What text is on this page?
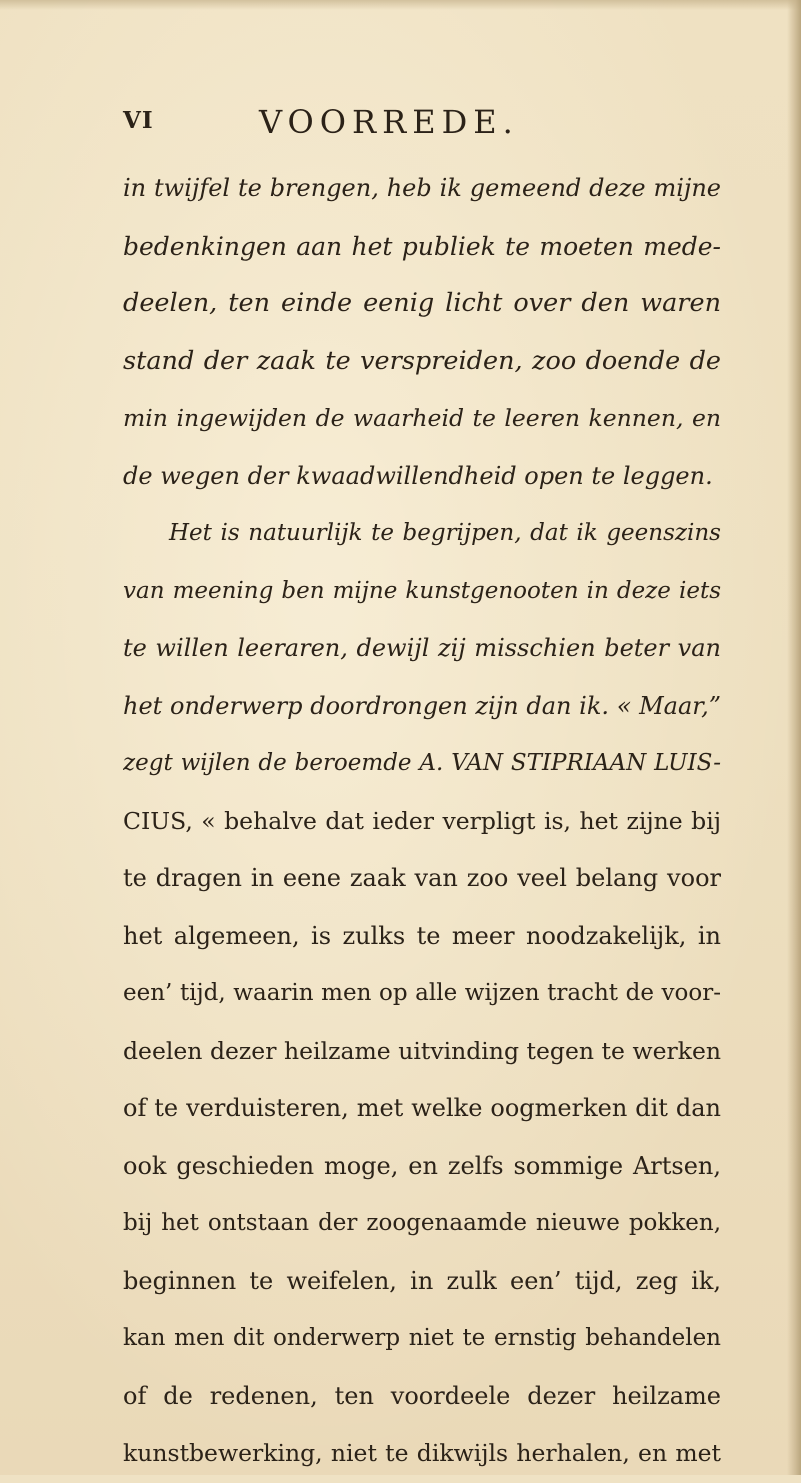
VI	VOORREDE.
in twijfel te brengen, heb ik gemeend deze mijne
bedenkingen aan het publiek te moeten mede-
deelen, ten einde eenig licht over den waren
stand der zaak te verspreiden, zoo doende de
min ingewijden de waarheid te leeren kennen, en
de wegen der kwaadwillendheid open te leggen.
Het is natuurlijk te begrijpen, dat ik geenszins
van meening ben mijne kunstgenooten in deze iets
te willen leeraren, dewijl zij misschien beter van
het onderwerp doordrongen zijn dan ik. « Maar,”
zegt wijlen de beroemde A. VAN STIPRIAAN LUIS-
CIUS, « behalve dat ieder verpligt is, het zijne bij
te dragen in eene zaak van zoo veel belang voor
het algemeen, is zulks te meer noodzakelijk, in
een’ tijd, waarin men op alle wijzen tracht de voor-
deelen dezer heilzame uitvinding tegen te werken
of te verduisteren, met welke oogmerken dit dan
ook geschieden moge, en zelfs sommige Artsen,
bij het ontstaan der zoogenaamde nieuwe pokken,
beginnen te weifelen, in zulk een’ tijd, zeg ik,
kan men dit onderwerp niet te ernstig behandelen
of de redenen, ten voordeele dezer heilzame
kunstbewerking, niet te dikwijls herhalen, en met
